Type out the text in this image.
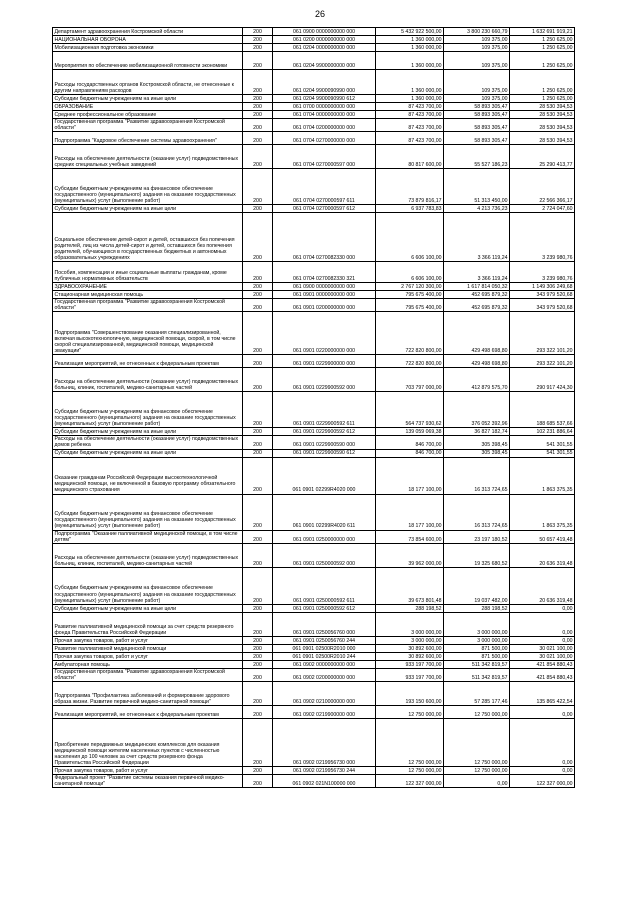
26
Департамент здравоохранения Костромской области	200	061 0900 0000000000 000	5 432 922 500,00	3 800 230 660,79	1 632 691 919,21
НАЦИОНАЛЬНАЯ ОБОРОНА	200	061 0200 0000000000 000	1 360 000,00	109 375,00	1 250 625,00
Мобилизационная подготовка экономики	200	061 0204 0000000000 000	1 360 000,00	109 375,00	1 250 625,00
Мероприятия по обеспечению мобилизационной готовности экономики	200	061 0204 9900000000 000	1 360 000,00	109 375,00	1 250 625,00
Расходы государственных органов Костромской области, не отнесенные к другим направлениям расходов	200	061 0204 9900090990 000	1 360 000,00	109 375,00	1 250 625,00
Субсидии бюджетным учреждениям на иные цели	200	061 0204 9900090990 612	1 360 000,00	109 375,00	1 250 625,00
ОБРАЗОВАНИЕ	200	061 0700 0000000000 000	87 423 700,00	58 893 305,47	28 530 394,53
Среднее профессиональное образование	200	061 0704 0000000000 000	87 423 700,00	58 893 305,47	28 530 394,53
Государственная программа "Развитие здравоохранения Костромской области"	200	061 0704 0200000000 000	87 423 700,00	58 893 305,47	28 530 394,53
Подпрограмма "Кадровое обеспечение системы здравоохранения"	200	061 0704 0270000000 000	87 423 700,00	58 893 305,47	28 530 394,53
Расходы на обеспечение деятельности (оказание услуг) подведомственных средних специальных учебных заведений	200	061 0704 0270000597 000	80 817 600,00	55 527 186,23	25 290 413,77
Субсидии бюджетным учреждениям на финансовое обеспечение государственного (муниципального) задания на оказание государственных (муниципальных) услуг (выполнение работ)	200	061 0704 0270000597 611	73 879 816,17	51 313 450,00	22 566 366,17
Субсидии бюджетным учреждениям на иные цели	200	061 0704 0270000597 612	6 937 783,83	4 213 736,23	2 724 047,60
Социальное обеспечение детей-сирот и детей, оставшихся без попечения родителей, лиц из числа детей-сирот и детей, оставшихся без попечения родителей, обучающихся в государственных бюджетных и автономных образовательных учреждениях	200	061 0704 0270082330 000	6 606 100,00	3 366 119,24	3 239 980,76
Пособия, компенсации и иные социальные выплаты гражданам, кроме публичных нормативных обязательств	200	061 0704 0270082330 321	6 606 100,00	3 366 119,24	3 239 980,76
ЗДРАВООХРАНЕНИЕ	200	061 0900 0000000000 000	2 767 120 300,00	1 617 814 050,32	1 149 306 249,68
Стационарная медицинская помощь	200	061 0901 0000000000 000	795 675 400,00	452 695 879,32	343 979 520,68
Государственная программа "Развитие здравоохранения Костромской области"	200	061 0901 0200000000 000	795 675 400,00	452 695 879,32	343 979 520,68
Подпрограмма "Совершенствование оказания специализированной, включая высокотехнологичную, медицинской помощи, скорой, в том числе скорой специализированной, медицинской помощи, медицинской эвакуации"	200	061 0901 0220000000 000	722 820 800,00	429 498 698,80	293 322 101,20
Реализация мероприятий, не отнесенных к федеральным проектам	200	061 0901 0229900000 000	722 820 800,00	429 498 698,80	293 322 101,20
Расходы на обеспечение деятельности (оказание услуг) подведомственных больниц, клиник, госпиталей, медико-санитарных частей	200	061 0901 0229900592 000	703 797 000,00	412 879 575,70	290 917 424,30
Субсидии бюджетным учреждениям на финансовое обеспечение государственного (муниципального) задания на оказание государственных (муниципальных) услуг (выполнение работ)	200	061 0901 0229900592 611	564 737 930,62	376 052 392,96	188 685 537,66
Субсидии бюджетным учреждениям на иные цели	200	061 0901 0229900592 612	139 059 069,38	36 827 182,74	102 231 886,64
Расходы на обеспечение деятельности (оказание услуг) подведомственных домов ребенка	200	061 0901 0229900590 000	846 700,00	305 398,45	541 301,55
Субсидии бюджетным учреждениям на иные цели	200	061 0901 0229900590 612	846 700,00	305 398,45	541 301,55
Оказание гражданам Российской Федерации высокотехнологичной медицинской помощи, не включенной в базовую программу обязательного медицинского страхования	200	061 0901 02299R4020 000	18 177 100,00	16 313 724,65	1 863 375,35
Субсидии бюджетным учреждениям на финансовое обеспечение государственного (муниципального) задания на оказание государственных (муниципальных) услуг (выполнение работ)	200	061 0901 02299R4020 611	18 177 100,00	16 313 724,65	1 863 375,35
Подпрограмма "Оказание паллиативной медицинской помощи, в том числе детям"	200	061 0901 0250000000 000	73 854 600,00	23 197 180,52	50 657 419,48
Расходы на обеспечение деятельности (оказание услуг) подведомственных больниц, клиник, госпиталей, медико-санитарных частей	200	061 0901 0250000592 000	39 962 000,00	19 325 680,52	20 636 319,48
Субсидии бюджетным учреждениям на финансовое обеспечение государственного (муниципального) задания на оказание государственных (муниципальных) услуг (выполнение работ)	200	061 0901 0250000592 611	39 673 801,48	19 037 482,00	20 636 319,48
Субсидии бюджетным учреждениям на иные цели	200	061 0901 0250000592 612	288 198,52	288 198,52	0,00
Развитие паллиативной медицинской помощи за счет средств резервного фонда Правительства Российской Федерации	200	061 0901 0250056760 000	3 000 000,00	3 000 000,00	0,00
Прочая закупка товаров, работ и услуг	200	061 0901 0250056760 244	3 000 000,00	3 000 000,00	0,00
Развитие паллиативной медицинской помощи	200	061 0901 02500R2010 000	30 892 600,00	871 500,00	30 021 100,00
Прочая закупка товаров, работ и услуг	200	061 0901 02500R2010 244	30 892 600,00	871 500,00	30 021 100,00
Амбулаторная помощь	200	061 0902 0000000000 000	933 197 700,00	511 342 819,57	421 854 880,43
Государственная программа "Развитие здравоохранения Костромской области"	200	061 0902 0200000000 000	933 197 700,00	511 342 819,57	421 854 880,43
Подпрограмма "Профилактика заболеваний и формирование здорового образа жизни. Развитие первичной медико-санитарной помощи"	200	061 0902 0210000000 000	193 150 600,00	57 285 177,46	135 865 422,54
Реализация мероприятий, не отнесенных к федеральным проектам	200	061 0902 0219900000 000	12 750 000,00	12 750 000,00	0,00
Приобретение передвижных медицинских комплексов для оказания медицинской помощи жителям населенных пунктов с численностью населения до 100 человек за счет средств резервного фонда Правительства Российской Федерации	200	061 0902 0219956730 000	12 750 000,00	12 750 000,00	0,00
Прочая закупка товаров, работ и услуг	200	061 0902 0219956730 244	12 750 000,00	12 750 000,00	0,00
Федеральный проект "Развитие системы оказания первичной медико-санитарной помощи"	200	061 0902 021N100000 000	122 327 000,00	0,00	122 327 000,00
